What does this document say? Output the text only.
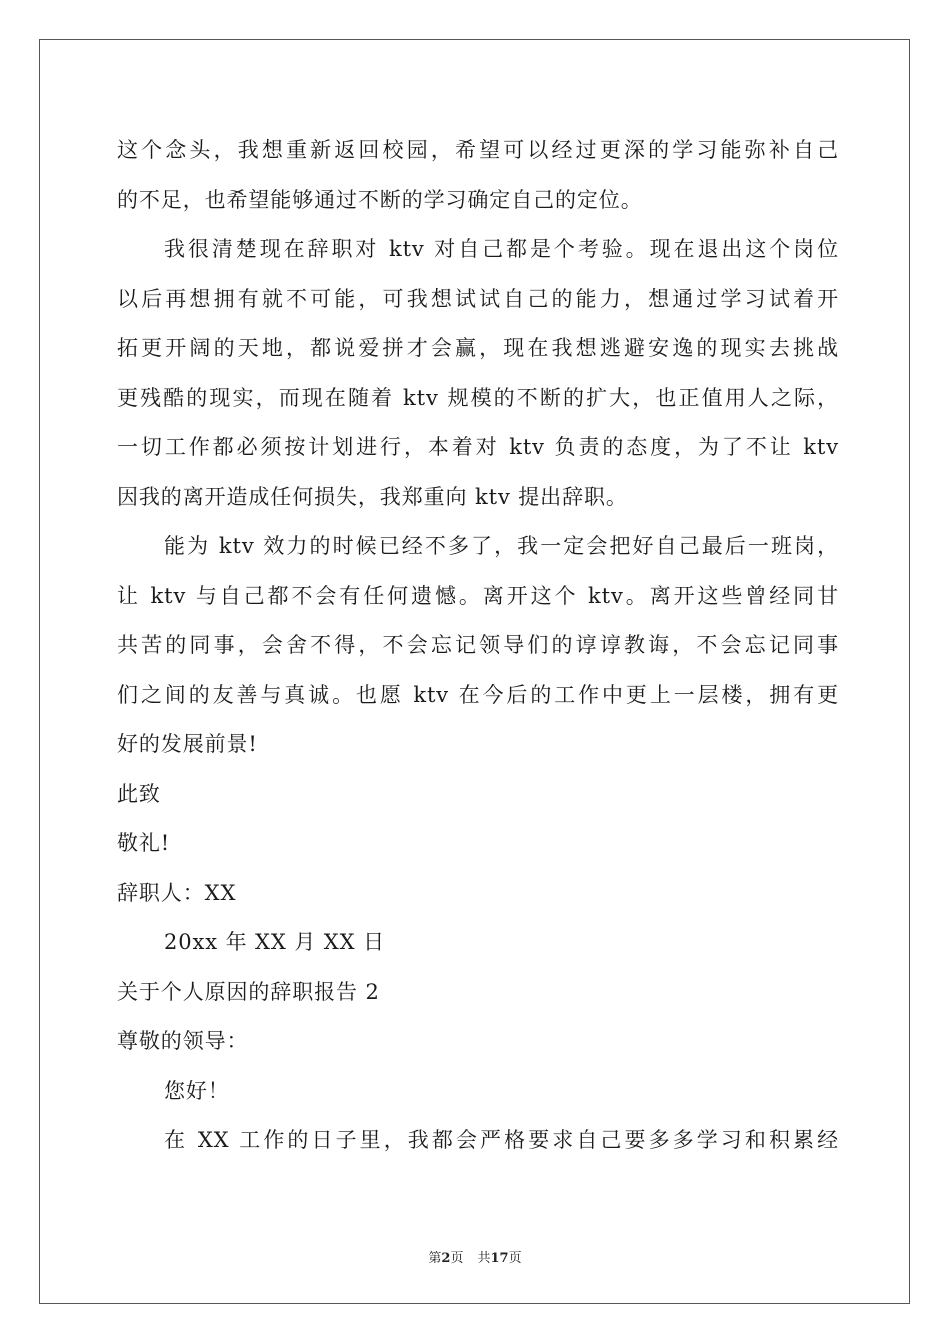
这个念头，我想重新返回校园，希望可以经过更深的学习能弥补自己
的不足，也希望能够通过不断的学习确定自己的定位。
我很清楚现在辞职对 ktv 对自己都是个考验。现在退出这个岗位
以后再想拥有就不可能，可我想试试自己的能力，想通过学习试着开
拓更开阔的天地，都说爱拼才会赢，现在我想逃避安逸的现实去挑战
更残酷的现实，而现在随着 ktv 规模的不断的扩大，也正值用人之际，
一切工作都必须按计划进行，本着对 ktv 负责的态度，为了不让 ktv
因我的离开造成任何损失，我郑重向 ktv 提出辞职。
能为 ktv 效力的时候已经不多了，我一定会把好自己最后一班岗，
让 ktv 与自己都不会有任何遗憾。离开这个 ktv。离开这些曾经同甘
共苦的同事，会舍不得，不会忘记领导们的谆谆教诲，不会忘记同事
们之间的友善与真诚。也愿 ktv 在今后的工作中更上一层楼，拥有更
好的发展前景!
此致
敬礼!
辞职人：XX
20xx 年 XX 月 XX 日
关于个人原因的辞职报告 2
尊敬的领导：
您好！
在 XX 工作的日子里，我都会严格要求自己要多多学习和积累经
第2页 共17页
